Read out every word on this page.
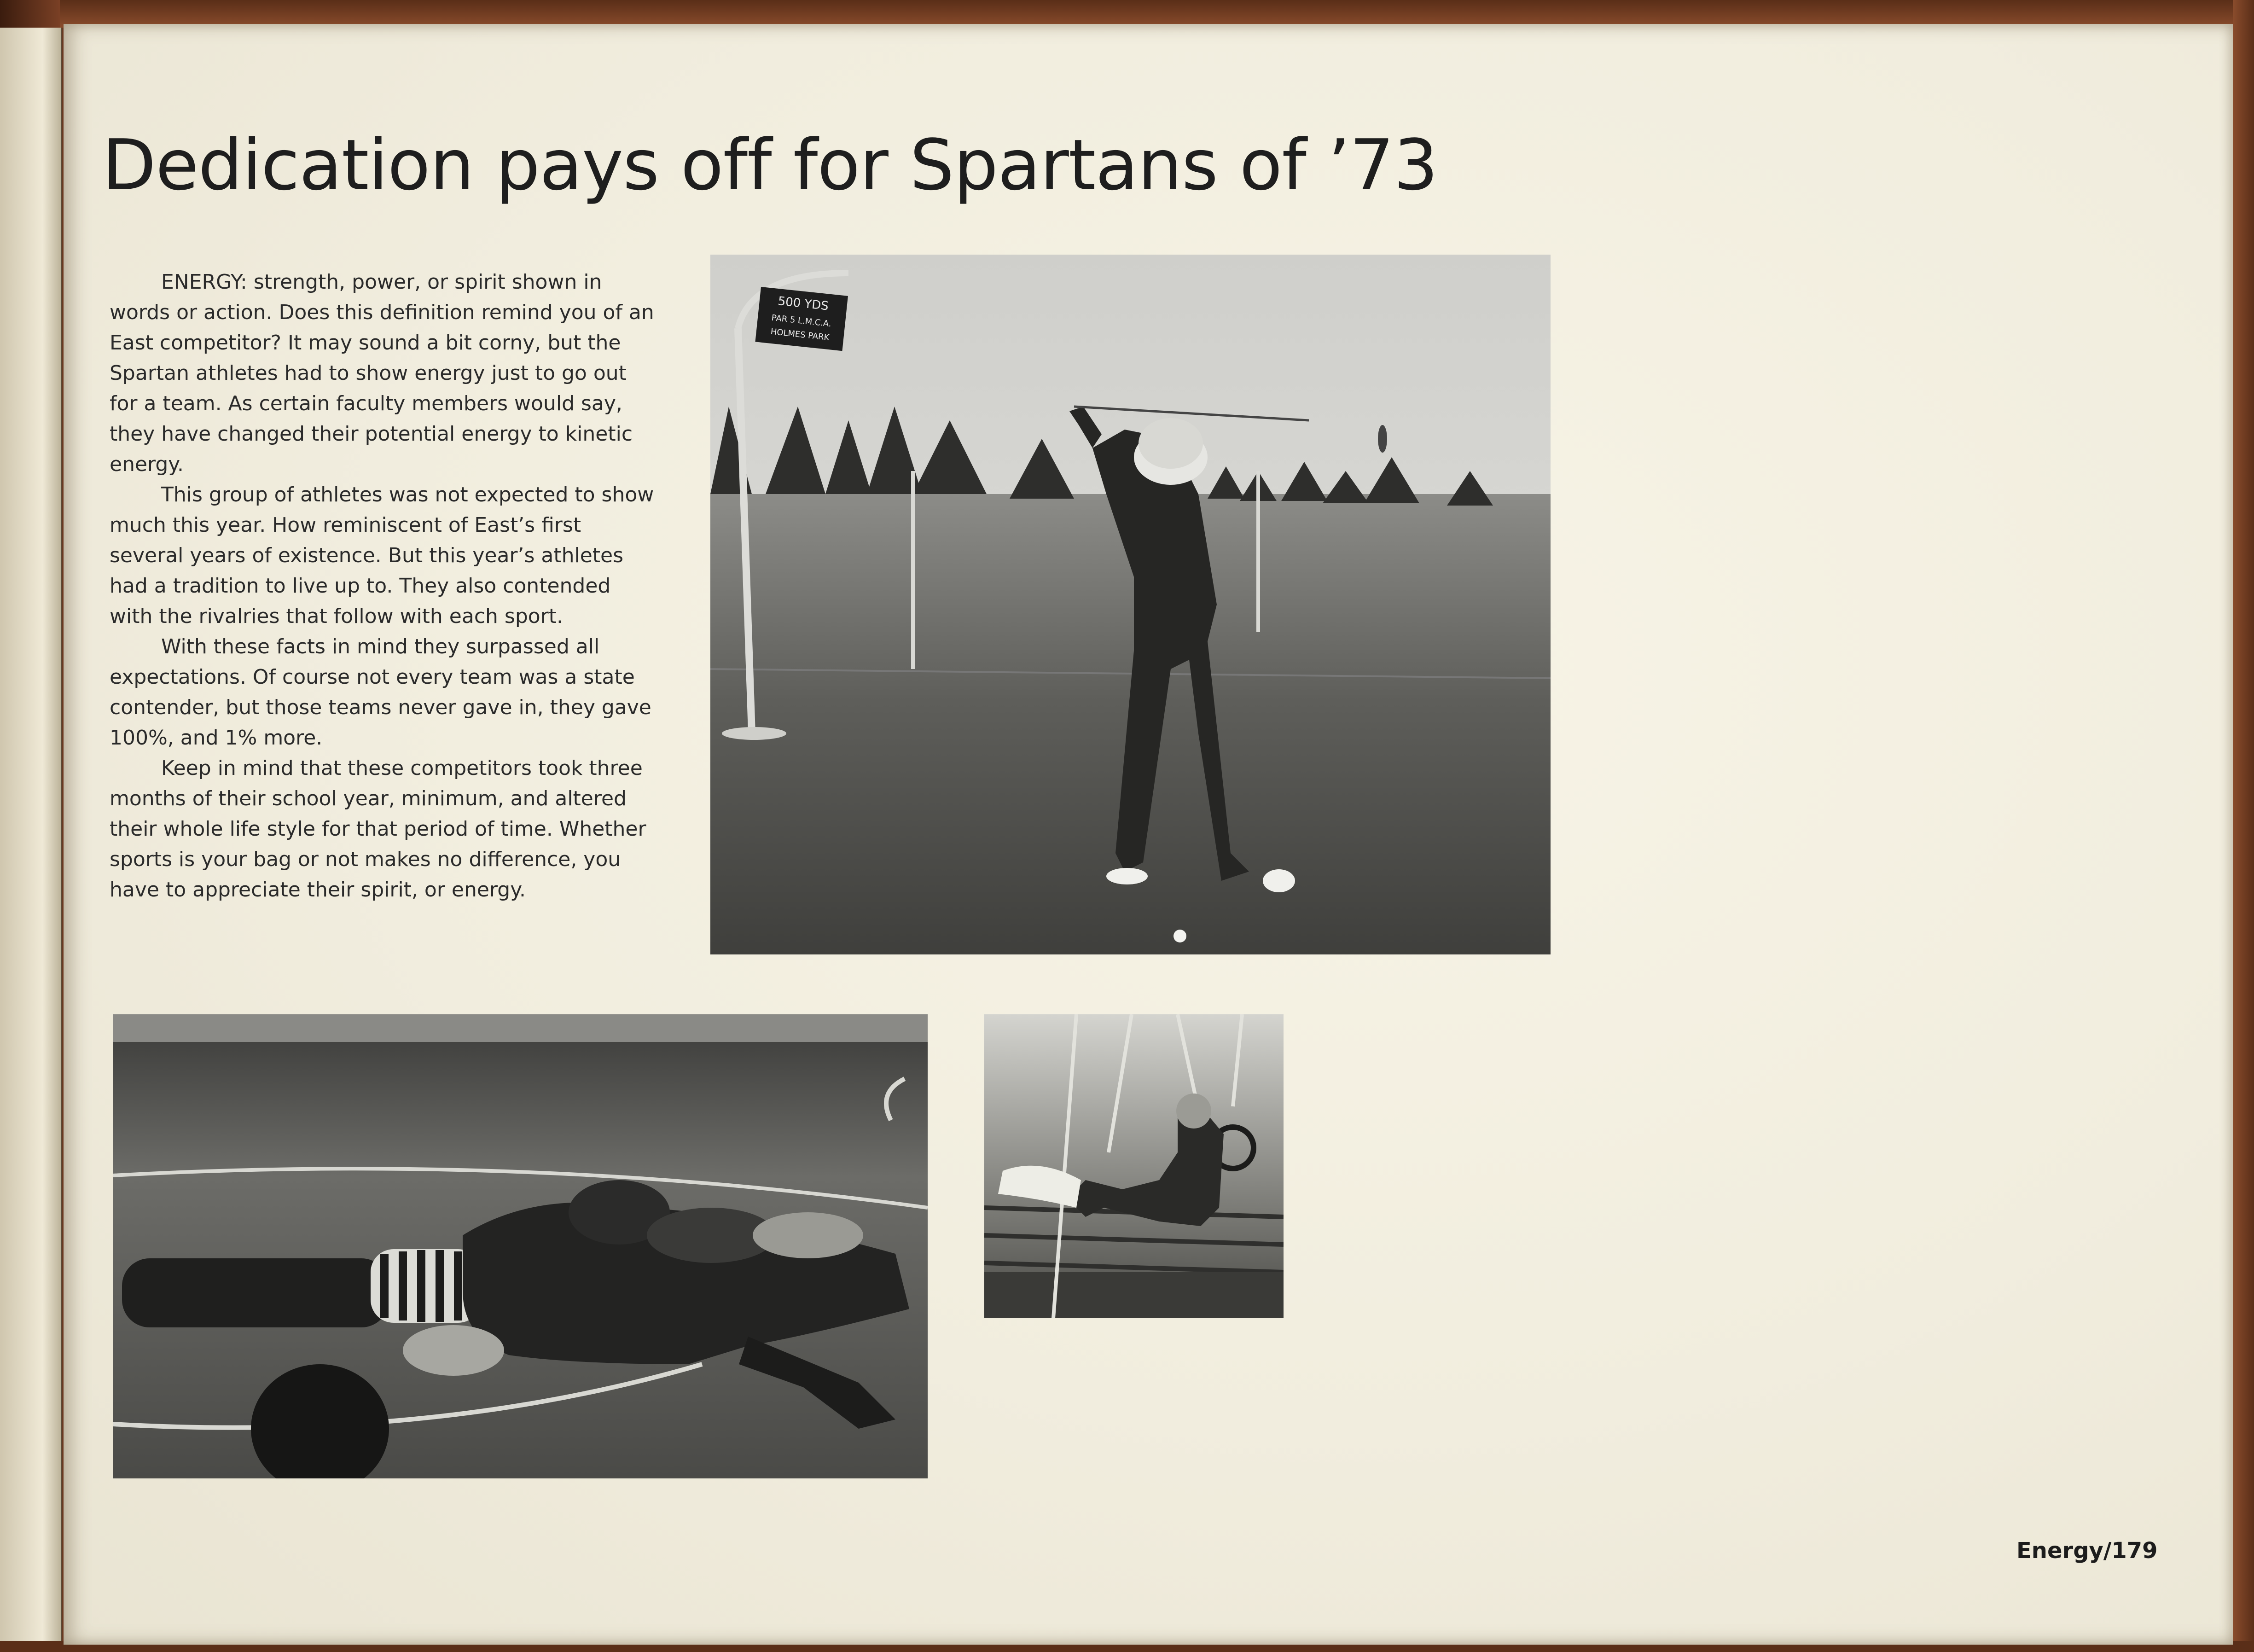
Dedication pays off for Spartans of ’73

ENERGY: strength, power, or spirit shown in words or action. Does this definition remind you of an East competitor? It may sound a bit corny, but the Spartan athletes had to show energy just to go out for a team. As certain faculty members would say, they have changed their potential energy to kinetic energy.

This group of athletes was not expected to show much this year. How reminiscent of East’s first several years of existence. But this year’s athletes had a tradition to live up to. They also contended with the rivalries that follow with each sport.

With these facts in mind they surpassed all expectations. Of course not every team was a state contender, but those teams never gave in, they gave 100%, and 1% more.

Keep in mind that these competitors took three months of their school year, minimum, and altered their whole life style for that period of time. Whether sports is your bag or not makes no difference, you have to appreciate their spirit, or energy.

500 YDS
PAR 5 L.M.C.A.
HOLMES PARK
Energy/179
